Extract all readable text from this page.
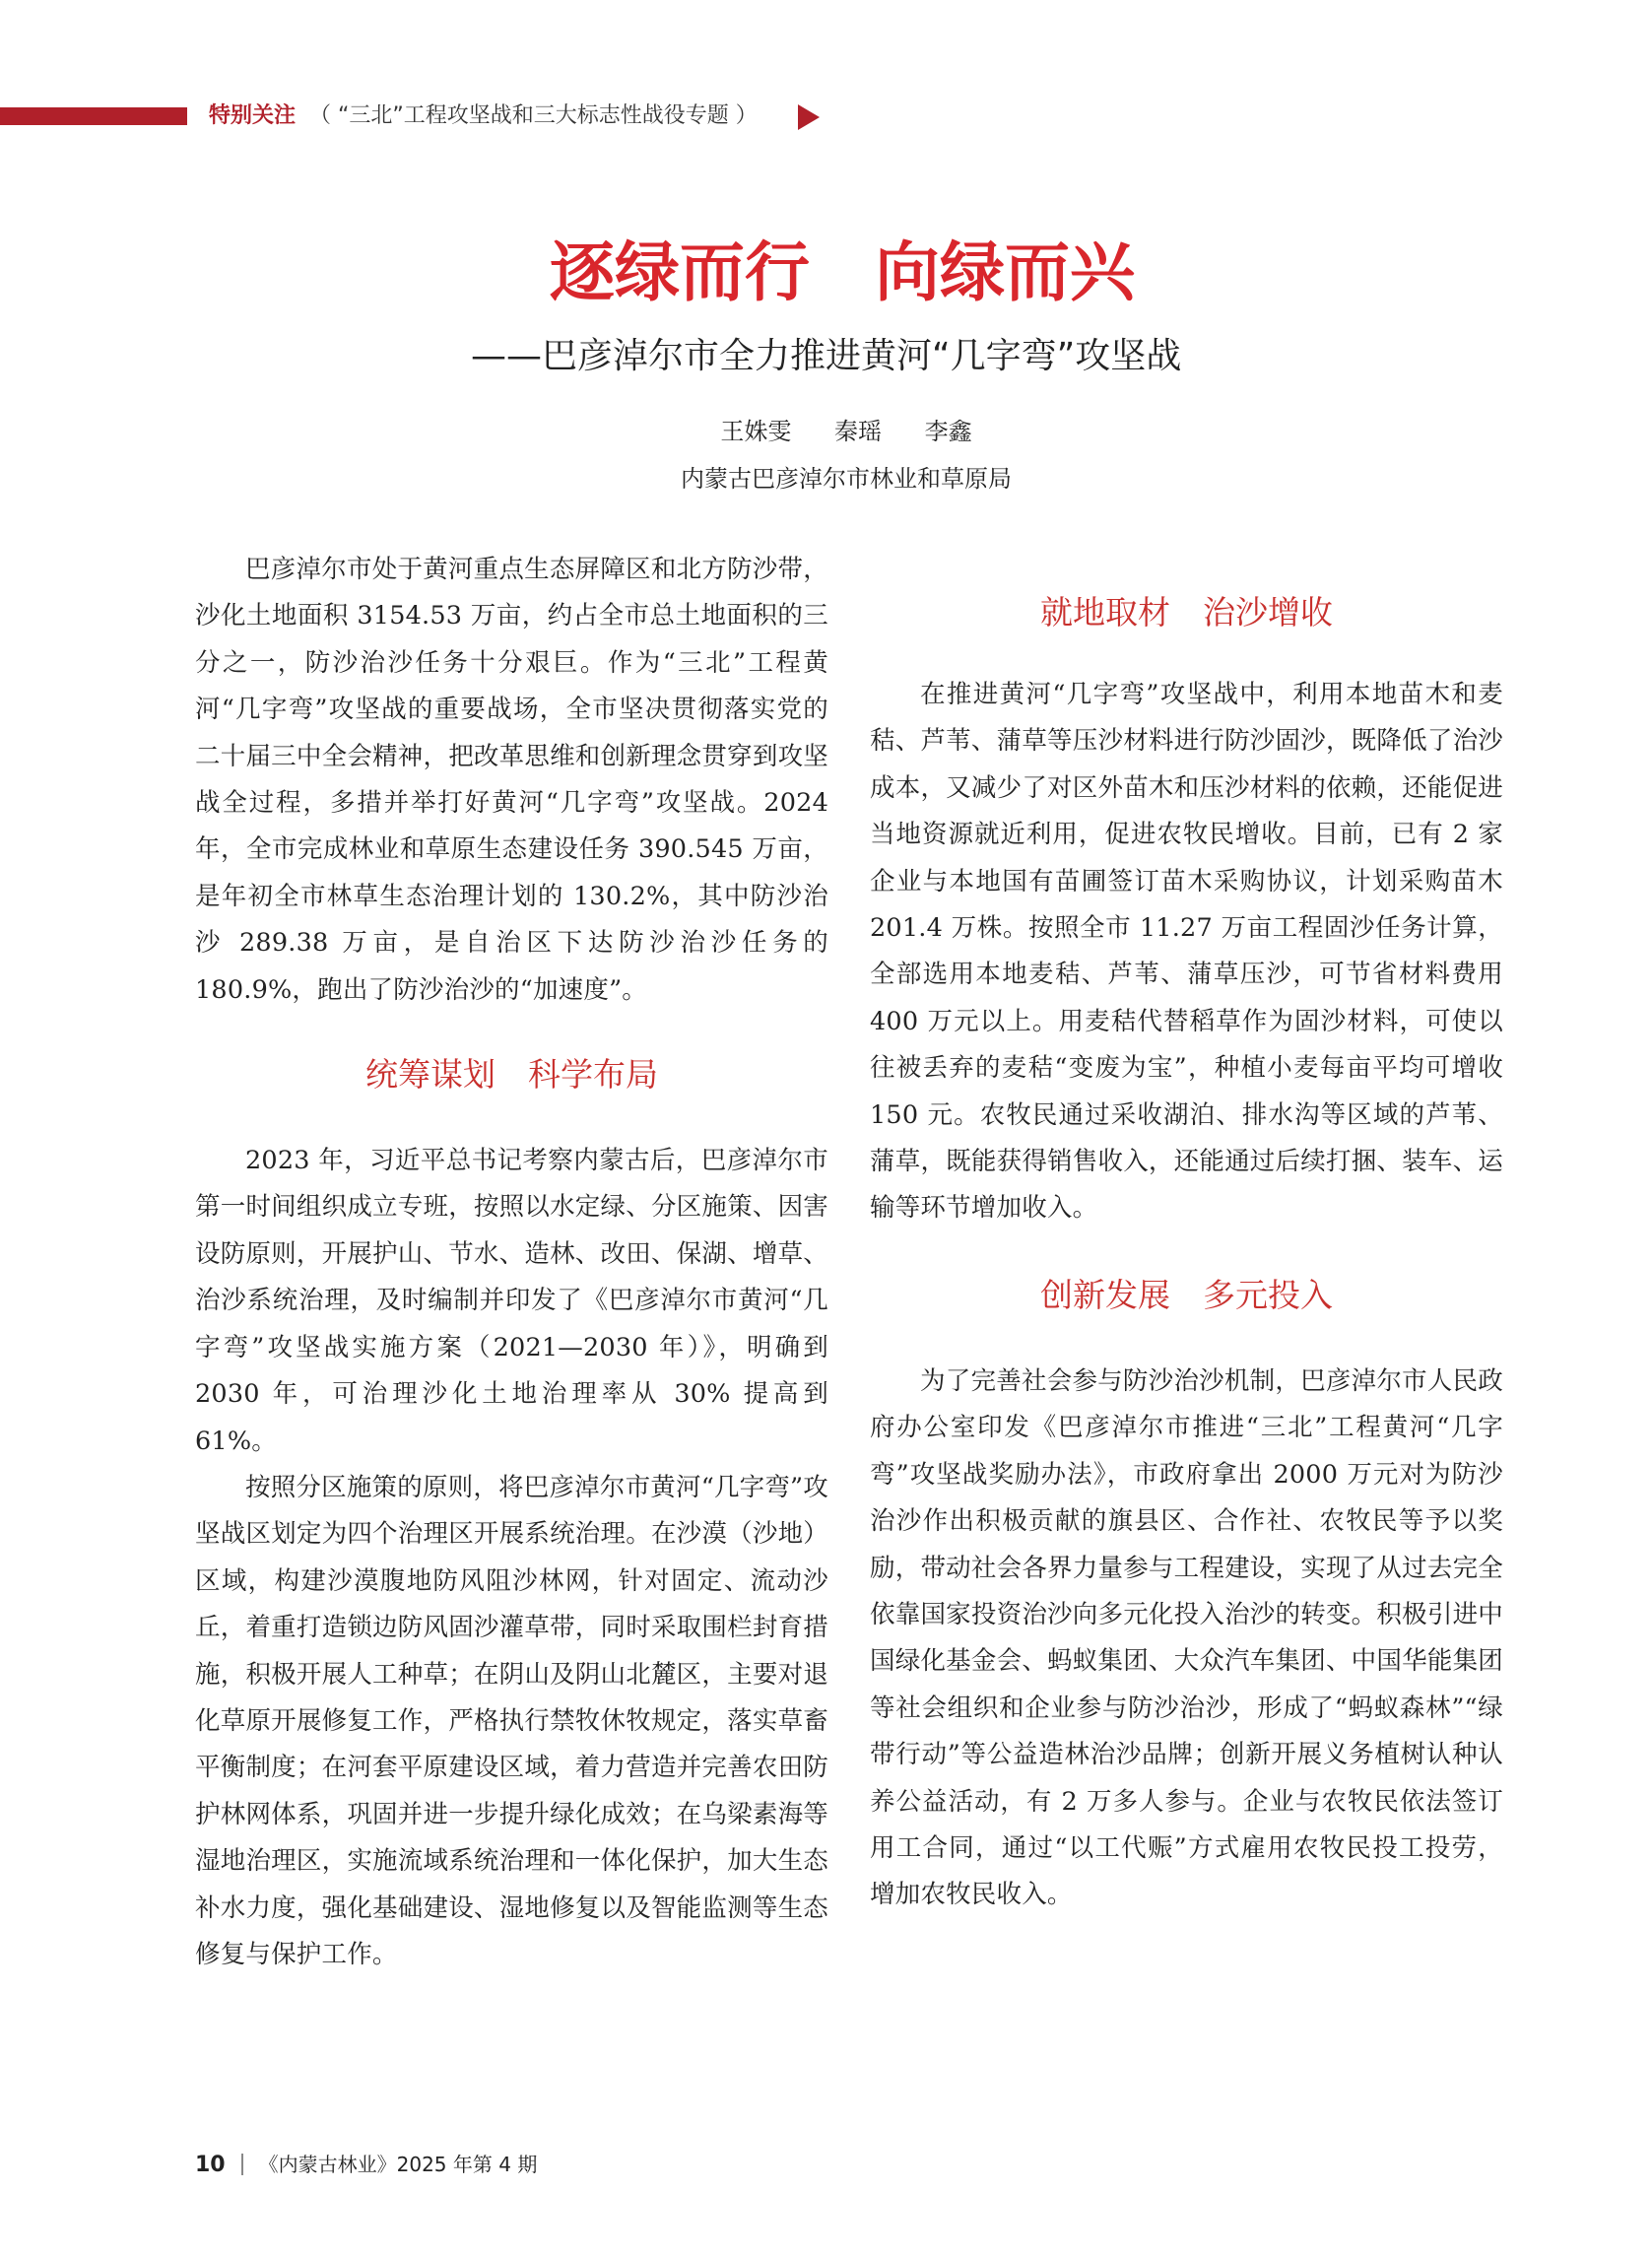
特别关注 （ “三北”工程攻坚战和三大标志性战役专题 ）
逐绿而行　向绿而兴
——巴彦淖尔市全力推进黄河“几字弯”攻坚战
王姝雯 秦瑶 李鑫
内蒙古巴彦淖尔市林业和草原局

巴彦淖尔市处于黄河重点生态屏障区和北方防沙带，沙化土地面积 3154.53 万亩，约占全市总土地面积的三分之一，防沙治沙任务十分艰巨。作为“三北”工程黄河“几字弯”攻坚战的重要战场，全市坚决贯彻落实党的二十届三中全会精神，把改革思维和创新理念贯穿到攻坚战全过程，多措并举打好黄河“几字弯”攻坚战。2024 年，全市完成林业和草原生态建设任务 390.545 万亩，是年初全市林草生态治理计划的 130.2%，其中防沙治沙 289.38 万亩，是自治区下达防沙治沙任务的 180.9%，跑出了防沙治沙的“加速度”。

统筹谋划　科学布局

2023 年，习近平总书记考察内蒙古后，巴彦淖尔市第一时间组织成立专班，按照以水定绿、分区施策、因害设防原则，开展护山、节水、造林、改田、保湖、增草、治沙系统治理，及时编制并印发了《巴彦淖尔市黄河“几字弯”攻坚战实施方案（2021—2030 年）》，明确到 2030 年，可治理沙化土地治理率从 30% 提高到 61%。

按照分区施策的原则，将巴彦淖尔市黄河“几字弯”攻坚战区划定为四个治理区开展系统治理。在沙漠（沙地）区域，构建沙漠腹地防风阻沙林网，针对固定、流动沙丘，着重打造锁边防风固沙灌草带，同时采取围栏封育措施，积极开展人工种草；在阴山及阴山北麓区，主要对退化草原开展修复工作，严格执行禁牧休牧规定，落实草畜平衡制度；在河套平原建设区域，着力营造并完善农田防护林网体系，巩固并进一步提升绿化成效；在乌梁素海等湿地治理区，实施流域系统治理和一体化保护，加大生态补水力度，强化基础建设、湿地修复以及智能监测等生态修复与保护工作。

就地取材　治沙增收

在推进黄河“几字弯”攻坚战中，利用本地苗木和麦秸、芦苇、蒲草等压沙材料进行防沙固沙，既降低了治沙成本，又减少了对区外苗木和压沙材料的依赖，还能促进当地资源就近利用，促进农牧民增收。目前，已有 2 家企业与本地国有苗圃签订苗木采购协议，计划采购苗木 201.4 万株。按照全市 11.27 万亩工程固沙任务计算，全部选用本地麦秸、芦苇、蒲草压沙，可节省材料费用 400 万元以上。用麦秸代替稻草作为固沙材料，可使以往被丢弃的麦秸“变废为宝”，种植小麦每亩平均可增收 150 元。农牧民通过采收湖泊、排水沟等区域的芦苇、蒲草，既能获得销售收入，还能通过后续打捆、装车、运输等环节增加收入。

创新发展　多元投入

为了完善社会参与防沙治沙机制，巴彦淖尔市人民政府办公室印发《巴彦淖尔市推进“三北”工程黄河“几字弯”攻坚战奖励办法》，市政府拿出 2000 万元对为防沙治沙作出积极贡献的旗县区、合作社、农牧民等予以奖励，带动社会各界力量参与工程建设，实现了从过去完全依靠国家投资治沙向多元化投入治沙的转变。积极引进中国绿化基金会、蚂蚁集团、大众汽车集团、中国华能集团等社会组织和企业参与防沙治沙，形成了“蚂蚁森林”“绿带行动”等公益造林治沙品牌；创新开展义务植树认种认养公益活动，有 2 万多人参与。企业与农牧民依法签订用工合同，通过“以工代赈”方式雇用农牧民投工投劳，增加农牧民收入。

10 《内蒙古林业》2025 年第 4 期
